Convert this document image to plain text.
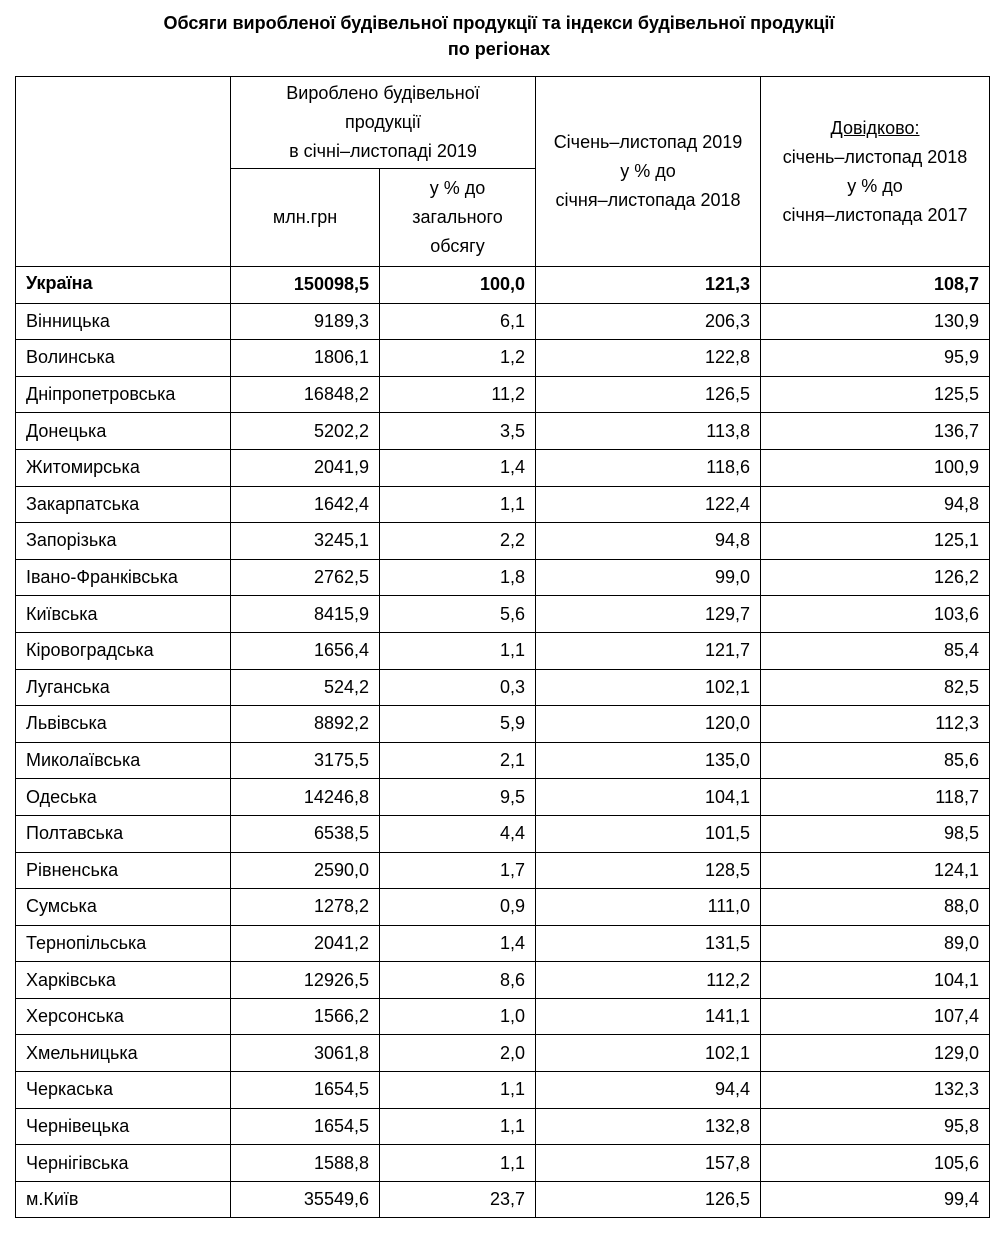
Обсяги виробленої будівельної продукції та індекси будівельної продукції
по регіонах

	Вироблено будівельної
продукції
в січні–листопаді 2019		Січень–листопад 2019
у % до
січня–листопада 2018	Довідково:
січень–листопад 2018
у % до
січня–листопада 2017

	млн.грн	у % до
загального
обсягу		

Україна	150098,5	100,0	121,3	108,7
Вінницька	9189,3	6,1	206,3	130,9
Волинська	1806,1	1,2	122,8	95,9
Дніпропетровська	16848,2	11,2	126,5	125,5
Донецька	5202,2	3,5	113,8	136,7
Житомирська	2041,9	1,4	118,6	100,9
Закарпатська	1642,4	1,1	122,4	94,8
Запорізька	3245,1	2,2	94,8	125,1
Івано-Франківська	2762,5	1,8	99,0	126,2
Київська	8415,9	5,6	129,7	103,6
Кіровоградська	1656,4	1,1	121,7	85,4
Луганська	524,2	0,3	102,1	82,5
Львівська	8892,2	5,9	120,0	112,3
Миколаївська	3175,5	2,1	135,0	85,6
Одеська	14246,8	9,5	104,1	118,7
Полтавська	6538,5	4,4	101,5	98,5
Рівненська	2590,0	1,7	128,5	124,1
Сумська	1278,2	0,9	111,0	88,0
Тернопільська	2041,2	1,4	131,5	89,0
Харківська	12926,5	8,6	112,2	104,1
Херсонська	1566,2	1,0	141,1	107,4
Хмельницька	3061,8	2,0	102,1	129,0
Черкаська	1654,5	1,1	94,4	132,3
Чернівецька	1654,5	1,1	132,8	95,8
Чернігівська	1588,8	1,1	157,8	105,6
м.Київ	35549,6	23,7	126,5	99,4
